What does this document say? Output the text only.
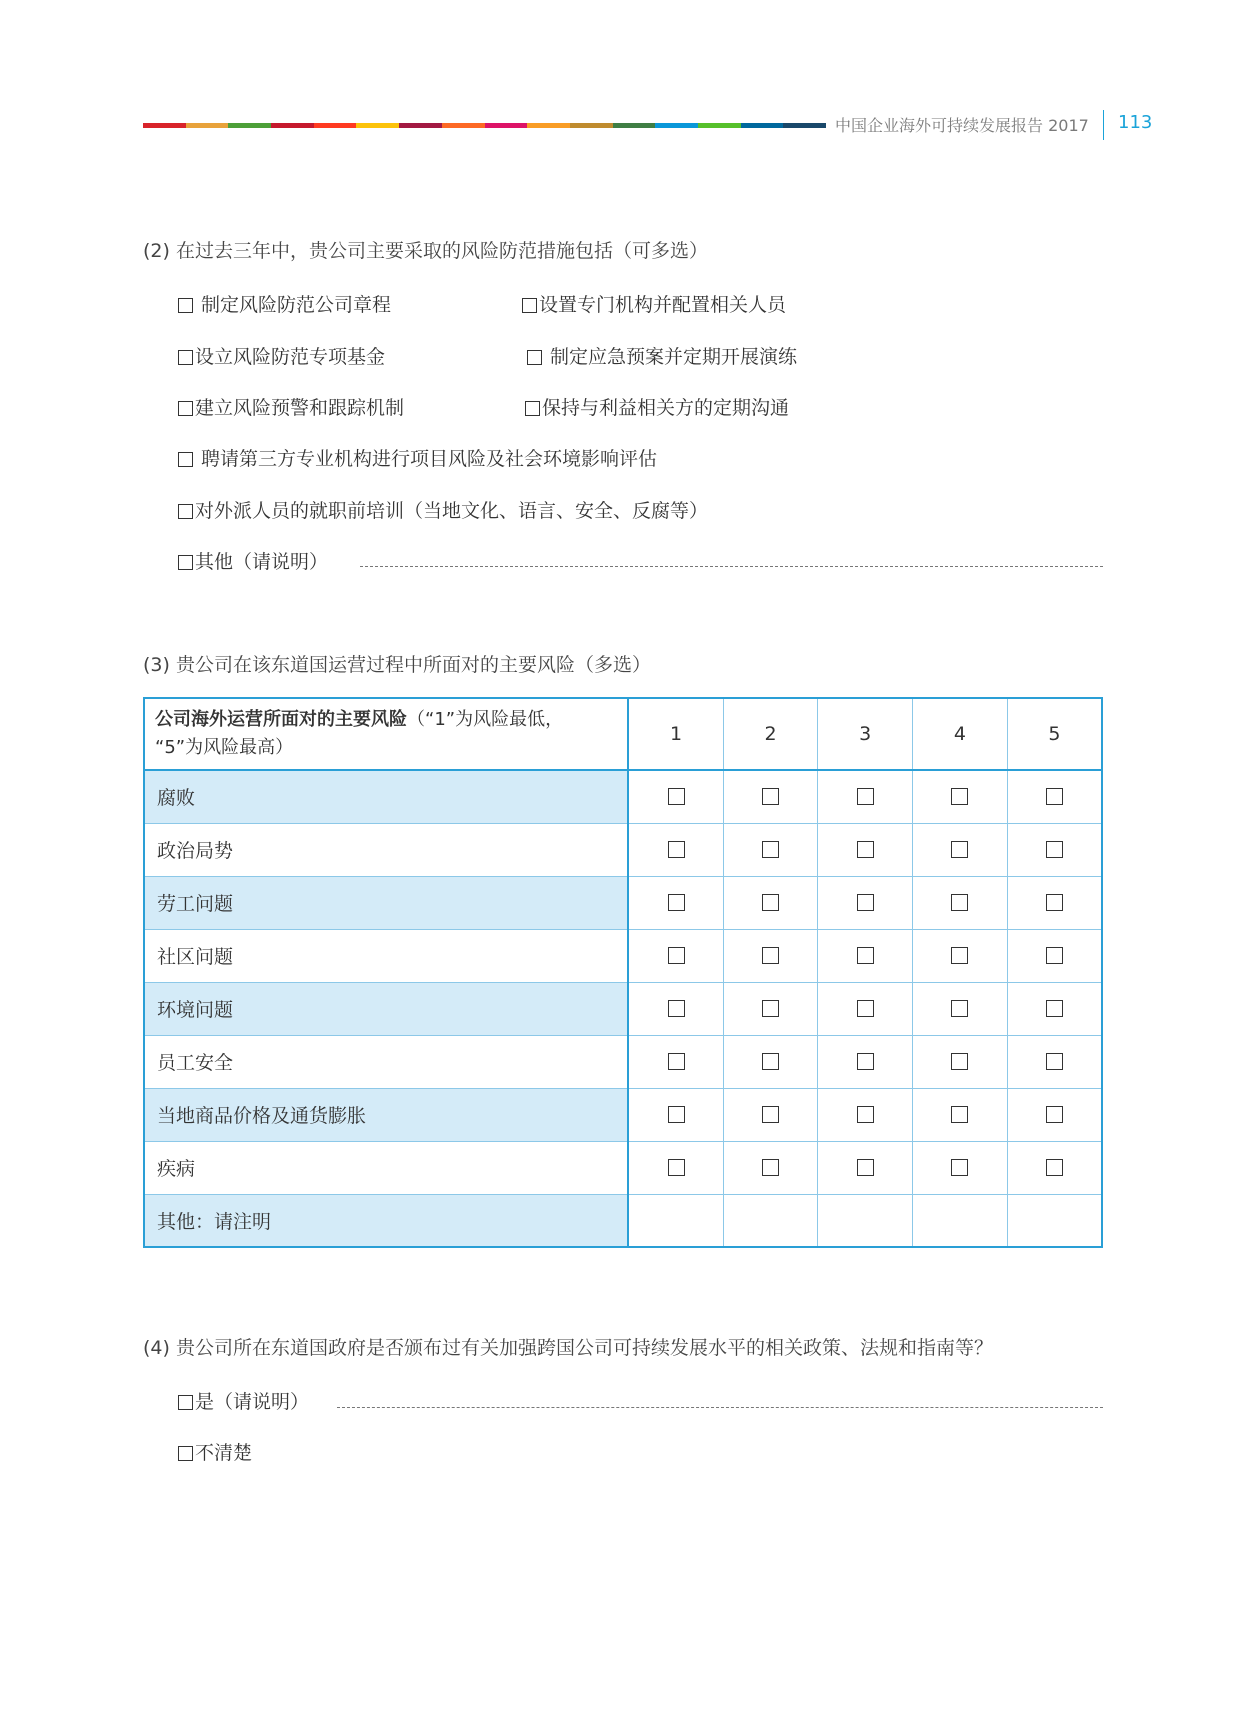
中国企业海外可持续发展报告 2017 113
(2) 在过去三年中，贵公司主要采取的风险防范措施包括（可多选）
制定风险防范公司章程	设置专门机构并配置相关人员
设立风险防范专项基金	制定应急预案并定期开展演练
建立风险预警和跟踪机制	保持与利益相关方的定期沟通
聘请第三方专业机构进行项目风险及社会环境影响评估
对外派人员的就职前培训（当地文化、语言、安全、反腐等）
其他（请说明）
(3) 贵公司在该东道国运营过程中所面对的主要风险（多选）
公司海外运营所面对的主要风险（“1”为风险最低，
“5”为风险最高）	1	2	3	4	5
腐败					
政治局势					
劳工问题					
社区问题					
环境问题					
员工安全					
当地商品价格及通货膨胀					
疾病					
其他：请注明					
(4) 贵公司所在东道国政府是否颁布过有关加强跨国公司可持续发展水平的相关政策、法规和指南等？
是（请说明）
不清楚
